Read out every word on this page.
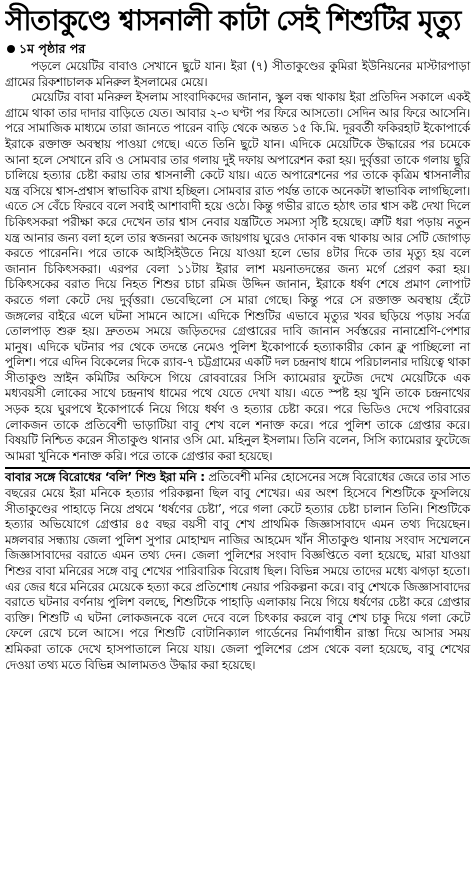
সীতাকুণ্ডে শ্বাসনালী কাটা সেই শিশুটির মৃত্যু
১ম পৃষ্ঠার পর

পড়লে মেয়েটির বাবাও সেখানে ছুটে যান। ইরা (৭) সীতাকুণ্ডের কুমিরা ইউনিয়নের মাস্টারপাড়া গ্রামের রিকশাচালক মনিরুল ইসলামের মেয়ে।

মেয়েটির বাবা মনিরুল ইসলাম সাংবাদিকদের জানান, স্কুল বন্ধ থাকায় ইরা প্রতিদিন সকালে একই গ্রামে থাকা তার দাদার বাড়িতে যেত। আবার ২-৩ ঘণ্টা পর ফিরে আসতো। সেদিন আর ফিরে আসেনি। পরে সামাজিক মাধ্যমে তারা জানতে পারেন বাড়ি থেকে অন্তত ১৫ কি.মি. দূরবর্তী ফকিরহাট ইকোপার্কে ইরাকে রক্তাক্ত অবস্থায় পাওয়া গেছে। এতে তিনি ছুটে যান। এদিকে মেয়েটিকে উদ্ধারের পর চমেকে আনা হলে সেখানে রবি ও সোমবার তার গলায় দুই দফায় অপারেশন করা হয়। দুর্বৃত্তরা তাকে গলায় ছুরি চালিয়ে হত্যার চেষ্টা করায় তার শ্বাসনালী কেটে যায়। এতে অপারেশনের পর তাকে কৃত্রিম শ্বাসনালীর যন্ত্র বসিয়ে শ্বাস-প্রশ্বাস স্বাভাবিক রাখা হচ্ছিল। সোমবার রাত পর্যন্ত তাকে অনেকটা স্বাভাবিক লাগছিলো। এতে সে বেঁচে ফিরবে বলে সবাই আশাবাদী হয়ে ওঠে। কিন্তু গভীর রাতে হঠাৎ তার শ্বাস কষ্ট দেখা দিলে চিকিৎসকরা পরীক্ষা করে দেখেন তার শ্বাস নেবার যন্ত্রটিতে সমস্যা সৃষ্টি হয়েছে। ত্রুটি ধরা পড়ায় নতুন যন্ত্র আনার জন্য বলা হলে তার স্বজনরা অনেক জায়গায় ঘুরেও দোকান বন্ধ থাকায় আর সেটি জোগাড় করতে পারেননি। পরে তাকে আইসিইউতে নিয়ে যাওয়া হলে ভোর ৪টার দিকে তার মৃত্যু হয় বলে জানান চিকিৎসকরা। এরপর বেলা ১১টায় ইরার লাশ ময়নাতদন্তের জন্য মর্গে প্রেরণ করা হয়। চিকিৎসকের বরাত দিয়ে নিহত শিশুর চাচা রমিজ উদ্দিন জানান, ইরাকে ধর্ষণ শেষে প্রমাণ লোপাট করতে গলা কেটে দেয় দুর্বৃত্তরা। ভেবেছিলো সে মারা গেছে। কিন্তু পরে সে রক্তাক্ত অবস্থায় হেঁটে জঙ্গলের বাইরে এলে ঘটনা সামনে আসে। এদিকে শিশুটির এভাবে মৃত্যুর খবর ছড়িয়ে পড়ায় সর্বত্র তোলপাড় শুরু হয়। দ্রুততম সময়ে জড়িতদের গ্রেপ্তারের দাবি জানান সর্বস্তরের নানাশ্রেণি-পেশার মানুষ। এদিকে ঘটনার পর থেকে তদন্তে নেমেও পুলিশ ইকোপার্কে হত্যাকারীর কোন ক্লু পাচ্ছিলো না পুলিশ। পরে এদিন বিকেলের দিকে র‌্যাব-৭ চট্টগ্রামের একটি দল চন্দ্রনাথ ধামে পরিচালনার দায়িত্বে থাকা সীতাকুণ্ড স্রাইন কমিটির অফিসে গিয়ে রোববারের সিসি ক্যামেরার ফুটেজ দেখে মেয়েটিকে এক মধ্যবয়সী লোকের সাথে চন্দ্রনাথ ধামের পথে যেতে দেখা যায়। এতে স্পষ্ট হয় খুনি তাকে চন্দ্রনাথের সড়ক হয়ে ঘুরপথে ইকোপার্কে নিয়ে গিয়ে ধর্ষণ ও হত্যার চেষ্টা করে। পরে ভিডিও দেখে পরিবারের লোকজন তাকে প্রতিবেশী ভাড়াটিয়া বাবু শেখ বলে শনাক্ত করে। পরে পুলিশ তাকে গ্রেপ্তার করে। বিষয়টি নিশ্চিত করেন সীতাকুণ্ড থানার ওসি মো. মহিনুল ইসলাম। তিনি বলেন, সিসি ক্যামেরার ফুটেজে আমরা খুনিকে শনাক্ত করি। পরে তাকে গ্রেপ্তার করা হয়েছে।

বাবার সঙ্গে বিরোধের ‘বলি’ শিশু ইরা মনি : প্রতিবেশী মনির হোসেনের সঙ্গে বিরোধের জেরে তার সাত বছরের মেয়ে ইরা মনিকে হত্যার পরিকল্পনা ছিল বাবু শেখের। এর অংশ হিসেবে শিশুটিকে ফুসলিয়ে সীতাকুণ্ডের পাহাড়ে নিয়ে প্রথমে ‘ধর্ষণের চেষ্টা’, পরে গলা কেটে হত্যার চেষ্টা চালান তিনি। শিশুটিকে হত্যার অভিযোগে গ্রেপ্তার ৪৫ বছর বয়সী বাবু শেখ প্রাথমিক জিজ্ঞাসাবাদে এমন তথ্য দিয়েছেন। মঙ্গলবার সন্ধ্যায় জেলা পুলিশ সুপার মোহাম্মদ নাজির আহমেদ খাঁন সীতাকুণ্ড থানায় সংবাদ সম্মেলনে জিজ্ঞাসাবাদের বরাতে এমন তথ্য দেন। জেলা পুলিশের সংবাদ বিজ্ঞপ্তিতে বলা হয়েছে, মারা যাওয়া শিশুর বাবা মনিরের সঙ্গে বাবু শেখের পারিবারিক বিরোধ ছিল। বিভিন্ন সময়ে তাদের মধ্যে ঝগড়া হতো। এর জের ধরে মনিরের মেয়েকে হত্যা করে প্রতিশোধ নেয়ার পরিকল্পনা করে। বাবু শেখকে জিজ্ঞাসাবাদের বরাতে ঘটনার বর্ণনায় পুলিশ বলছে, শিশুটিকে পাহাড়ি এলাকায় নিয়ে গিয়ে ধর্ষণের চেষ্টা করে গ্রেপ্তার ব্যক্তি। শিশুটি এ ঘটনা লোকজনকে বলে দেবে বলে চিৎকার করলে বাবু শেখ চাকু দিয়ে গলা কেটে ফেলে রেখে চলে আসে। পরে শিশুটি বোটানিক্যাল গার্ডেনের নির্মাণাধীন রাস্তা দিয়ে আসার সময় শ্রমিকরা তাকে দেখে হাসপাতালে নিয়ে যায়। জেলা পুলিশের প্রেস থেকে বলা হয়েছে, বাবু শেখের দেওয়া তথ্য মতে বিভিন্ন আলামতও উদ্ধার করা হয়েছে।
